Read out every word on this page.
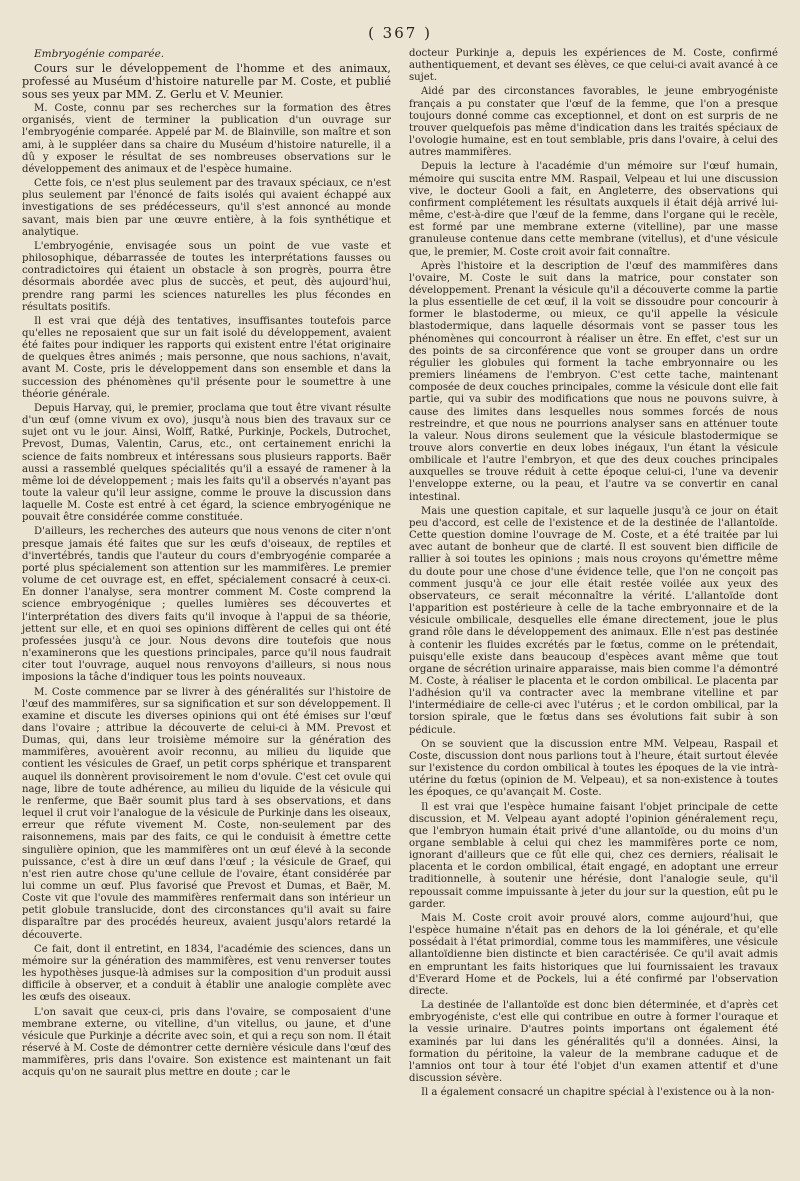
( 367 )

Embryogénie comparée.

Cours sur le développement de l'homme et des animaux, professé au Muséum d'histoire naturelle par M. Coste, et publié sous ses yeux par MM. Z. Gerlu et V. Meunier.

M. Coste, connu par ses recherches sur la formation des êtres organisés, vient de terminer la publication d'un ouvrage sur l'embryogénie comparée. Appelé par M. de Blainville, son maître et son ami, à le suppléer dans sa chaire du Muséum d'histoire naturelle, il a dû y exposer le résultat de ses nombreuses observations sur le développement des animaux et de l'espèce humaine.

Cette fois, ce n'est plus seulement par des travaux spéciaux, ce n'est plus seulement par l'énoncé de faits isolés qui avaient échappé aux investigations de ses prédécesseurs, qu'il s'est annoncé au monde savant, mais bien par une œuvre entière, à la fois synthétique et analytique.

L'embryogénie, envisagée sous un point de vue vaste et philosophique, débarrassée de toutes les interprétations fausses ou contradictoires qui étaient un obstacle à son progrès, pourra être désormais abordée avec plus de succès, et peut, dès aujourd'hui, prendre rang parmi les sciences naturelles les plus fécondes en résultats positifs.

Il est vrai que déjà des tentatives, insuffisantes toutefois parce qu'elles ne reposaient que sur un fait isolé du développement, avaient été faites pour indiquer les rapports qui existent entre l'état originaire de quelques êtres animés ; mais personne, que nous sachions, n'avait, avant M. Coste, pris le développement dans son ensemble et dans la succession des phénomènes qu'il présente pour le soumettre à une théorie générale.

Depuis Harvay, qui, le premier, proclama que tout être vivant résulte d'un œuf (omne vivum ex ovo), jusqu'à nous bien des travaux sur ce sujet ont vu le jour. Ainsi, Wolff, Ratké, Purkinje, Pockels, Dutrochet, Prevost, Dumas, Valentin, Carus, etc., ont certainement enrichi la science de faits nombreux et intéressans sous plusieurs rapports. Baër aussi a rassemblé quelques spécialités qu'il a essayé de ramener à la même loi de développement ; mais les faits qu'il a observés n'ayant pas toute la valeur qu'il leur assigne, comme le prouve la discussion dans laquelle M. Coste est entré à cet égard, la science embryogénique ne pouvait être considérée comme constituée.

D'ailleurs, les recherches des auteurs que nous venons de citer n'ont presque jamais été faites que sur les œufs d'oiseaux, de reptiles et d'invertébrés, tandis que l'auteur du cours d'embryogénie comparée a porté plus spécialement son attention sur les mammifères. Le premier volume de cet ouvrage est, en effet, spécialement consacré à ceux-ci. En donner l'analyse, sera montrer comment M. Coste comprend la science embryogénique ; quelles lumières ses découvertes et l'interprétation des divers faits qu'il invoque à l'appui de sa théorie, jettent sur elle, et en quoi ses opinions diffèrent de celles qui ont été professées jusqu'à ce jour. Nous devons dire toutefois que nous n'examinerons que les questions principales, parce qu'il nous faudrait citer tout l'ouvrage, auquel nous renvoyons d'ailleurs, si nous nous imposions la tâche d'indiquer tous les points nouveaux.

M. Coste commence par se livrer à des généralités sur l'histoire de l'œuf des mammifères, sur sa signification et sur son développement. Il examine et discute les diverses opinions qui ont été émises sur l'œuf dans l'ovaire ; attribue la découverte de celui-ci à MM. Prevost et Dumas, qui, dans leur troisième mémoire sur la génération des mammifères, avouèrent avoir reconnu, au milieu du liquide que contient les vésicules de Graef, un petit corps sphérique et transparent auquel ils donnèrent provisoirement le nom d'ovule. C'est cet ovule qui nage, libre de toute adhérence, au milieu du liquide de la vésicule qui le renferme, que Baër soumit plus tard à ses observations, et dans lequel il crut voir l'analogue de la vésicule de Purkinje dans les oiseaux, erreur que réfute vivement M. Coste, non-seulement par des raisonnemens, mais par des faits, ce qui le conduisit à émettre cette singulière opinion, que les mammifères ont un œuf élevé à la seconde puissance, c'est à dire un œuf dans l'œuf ; la vésicule de Graef, qui n'est rien autre chose qu'une cellule de l'ovaire, étant considérée par lui comme un œuf. Plus favorisé que Prevost et Dumas, et Baër, M. Coste vit que l'ovule des mammifères renfermait dans son intérieur un petit globule translucide, dont des circonstances qu'il avait su faire disparaître par des procédés heureux, avaient jusqu'alors retardé la découverte.

Ce fait, dont il entretint, en 1834, l'académie des sciences, dans un mémoire sur la génération des mammifères, est venu renverser toutes les hypothèses jusque-là admises sur la composition d'un produit aussi difficile à observer, et a conduit à établir une analogie complète avec les œufs des oiseaux.

L'on savait que ceux-ci, pris dans l'ovaire, se composaient d'une membrane externe, ou vitelline, d'un vitellus, ou jaune, et d'une vésicule que Purkinje a décrite avec soin, et qui a reçu son nom. Il était réservé à M. Coste de démontrer cette dernière vésicule dans l'œuf des mammifères, pris dans l'ovaire. Son existence est maintenant un fait acquis qu'on ne saurait plus mettre en doute ; car le

docteur Purkinje a, depuis les expériences de M. Coste, confirmé authentiquement, et devant ses élèves, ce que celui-ci avait avancé à ce sujet.

Aidé par des circonstances favorables, le jeune embryogéniste français a pu constater que l'œuf de la femme, que l'on a presque toujours donné comme cas exceptionnel, et dont on est surpris de ne trouver quelquefois pas même d'indication dans les traités spéciaux de l'ovologie humaine, est en tout semblable, pris dans l'ovaire, à celui des autres mammifères.

Depuis la lecture à l'académie d'un mémoire sur l'œuf humain, mémoire qui suscita entre MM. Raspail, Velpeau et lui une discussion vive, le docteur Gooli a fait, en Angleterre, des observations qui confirment complétement les résultats auxquels il était déjà arrivé lui-même, c'est-à-dire que l'œuf de la femme, dans l'organe qui le recèle, est formé par une membrane externe (vitelline), par une masse granuleuse contenue dans cette membrane (vitellus), et d'une vésicule que, le premier, M. Coste croit avoir fait connaître.

Après l'histoire et la description de l'œuf des mammifères dans l'ovaire, M. Coste le suit dans la matrice, pour constater son développement. Prenant la vésicule qu'il a découverte comme la partie la plus essentielle de cet œuf, il la voit se dissoudre pour concourir à former le blastoderme, ou mieux, ce qu'il appelle la vésicule blastodermique, dans laquelle désormais vont se passer tous les phénomènes qui concourront à réaliser un être. En effet, c'est sur un des points de sa circonférence que vont se grouper dans un ordre régulier les globules qui forment la tache embryonnaire ou les premiers linéamens de l'embryon. C'est cette tache, maintenant composée de deux couches principales, comme la vésicule dont elle fait partie, qui va subir des modifications que nous ne pouvons suivre, à cause des limites dans lesquelles nous sommes forcés de nous restreindre, et que nous ne pourrions analyser sans en atténuer toute la valeur. Nous dirons seulement que la vésicule blastodermique se trouve alors convertie en deux lobes inégaux, l'un étant la vésicule ombilicale et l'autre l'embryon, et que des deux couches principales auxquelles se trouve réduit à cette époque celui-ci, l'une va devenir l'enveloppe externe, ou la peau, et l'autre va se convertir en canal intestinal.

Mais une question capitale, et sur laquelle jusqu'à ce jour on était peu d'accord, est celle de l'existence et de la destinée de l'allantoïde. Cette question domine l'ouvrage de M. Coste, et a été traitée par lui avec autant de bonheur que de clarté. Il est souvent bien difficile de rallier à soi toutes les opinions ; mais nous croyons qu'émettre même du doute pour une chose d'une évidence telle, que l'on ne conçoit pas comment jusqu'à ce jour elle était restée voilée aux yeux des observateurs, ce serait méconnaître la vérité. L'allantoïde dont l'apparition est postérieure à celle de la tache embryonnaire et de la vésicule ombilicale, desquelles elle émane directement, joue le plus grand rôle dans le développement des animaux. Elle n'est pas destinée à contenir les fluides excrétés par le fœtus, comme on le prétendait, puisqu'elle existe dans beaucoup d'espèces avant même que tout organe de sécrétion urinaire apparaisse, mais bien comme l'a démontré M. Coste, à réaliser le placenta et le cordon ombilical. Le placenta par l'adhésion qu'il va contracter avec la membrane vitelline et par l'intermédiaire de celle-ci avec l'utérus ; et le cordon ombilical, par la torsion spirale, que le fœtus dans ses évolutions fait subir à son pédicule.

On se souvient que la discussion entre MM. Velpeau, Raspail et Coste, discussion dont nous parlions tout à l'heure, était surtout élevée sur l'existence du cordon ombilical à toutes les époques de la vie intrà-utérine du fœtus (opinion de M. Velpeau), et sa non-existence à toutes les époques, ce qu'avançait M. Coste.

Il est vrai que l'espèce humaine faisant l'objet principale de cette discussion, et M. Velpeau ayant adopté l'opinion généralement reçu, que l'embryon humain était privé d'une allantoïde, ou du moins d'un organe semblable à celui qui chez les mammifères porte ce nom, ignorant d'ailleurs que ce fût elle qui, chez ces derniers, réalisait le placenta et le cordon ombilical, était engagé, en adoptant une erreur traditionnelle, à soutenir une hérésie, dont l'analogie seule, qu'il repoussait comme impuissante à jeter du jour sur la question, eût pu le garder.

Mais M. Coste croit avoir prouvé alors, comme aujourd'hui, que l'espèce humaine n'était pas en dehors de la loi générale, et qu'elle possédait à l'état primordial, comme tous les mammifères, une vésicule allantoïdienne bien distincte et bien caractérisée. Ce qu'il avait admis en empruntant les faits historiques que lui fournissaient les travaux d'Everard Home et de Pockels, lui a été confirmé par l'observation directe.

La destinée de l'allantoïde est donc bien déterminée, et d'après cet embryogéniste, c'est elle qui contribue en outre à former l'ouraque et la vessie urinaire. D'autres points importans ont également été examinés par lui dans les généralités qu'il a données. Ainsi, la formation du péritoine, la valeur de la membrane caduque et de l'amnios ont tour à tour été l'objet d'un examen attentif et d'une discussion sévère.

Il a également consacré un chapitre spécial à l'existence ou à la non-
